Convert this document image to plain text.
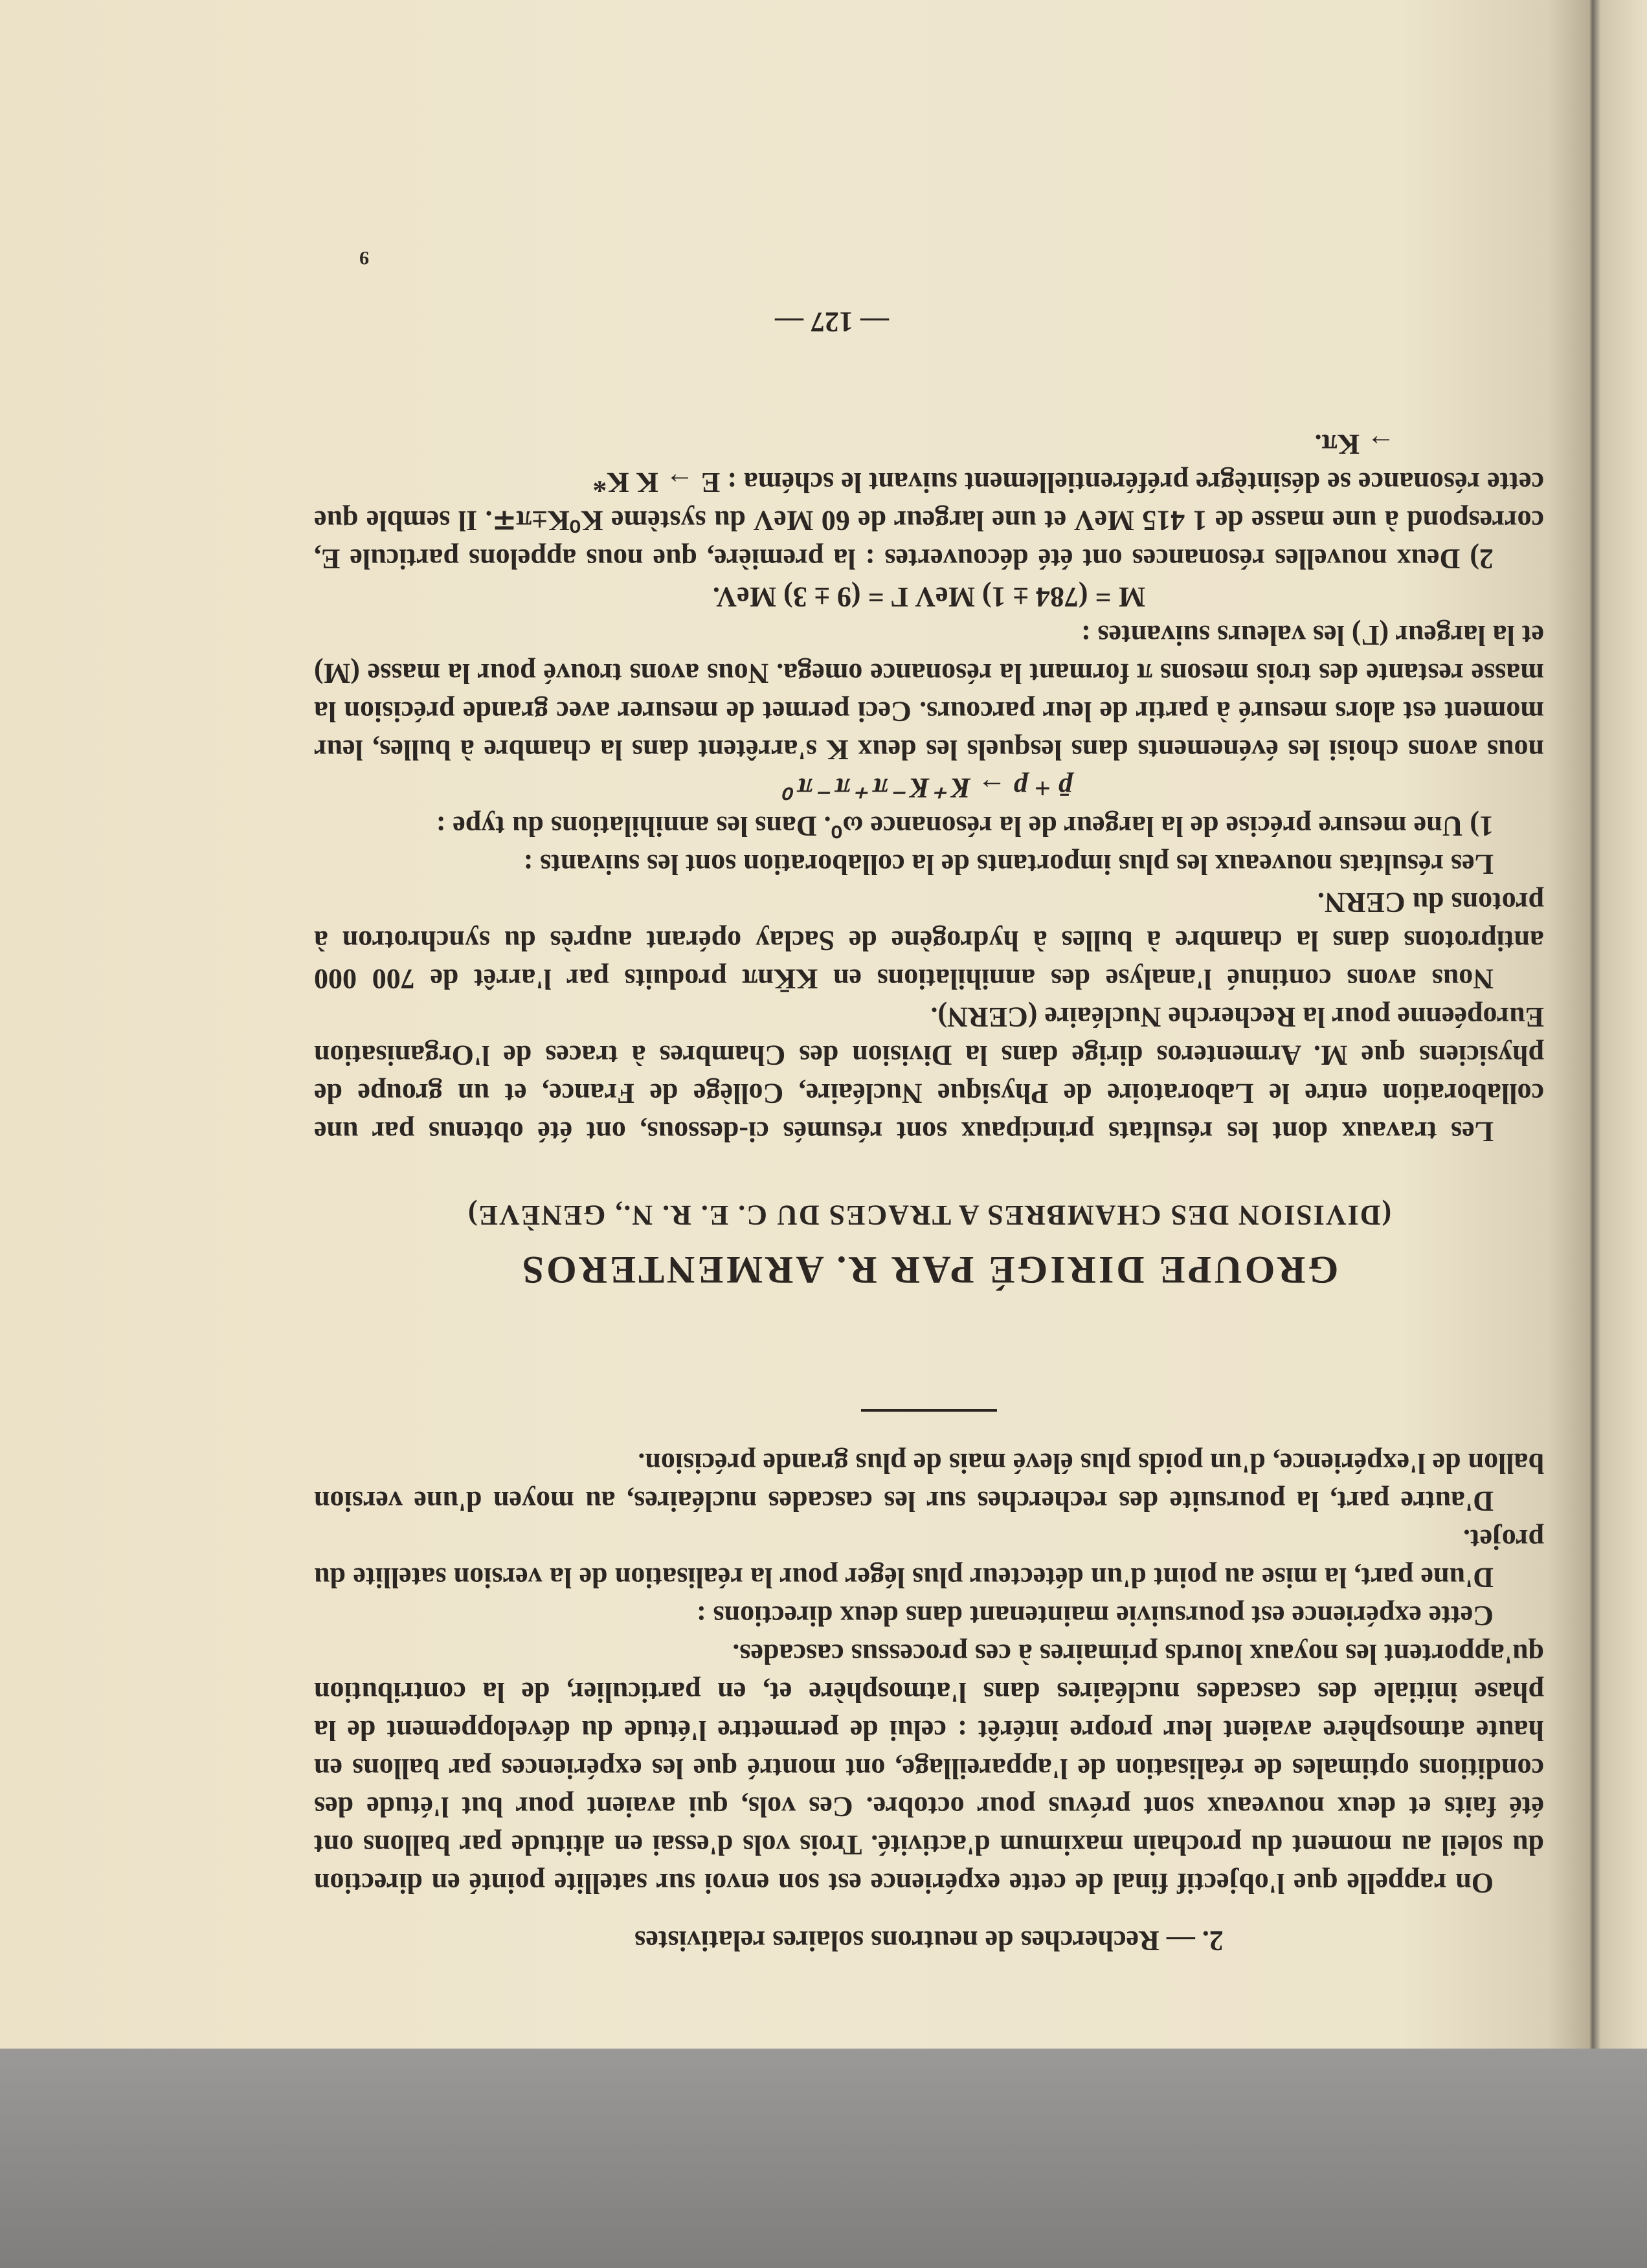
2. — Recherches de neutrons solaires relativistes

On rappelle que l'objectif final de cette expérience est son envoi sur satellite pointé en direction du soleil au moment du prochain maximum d'activité. Trois vols d'essai en altitude par ballons ont été faits et deux nouveaux sont prévus pour octobre. Ces vols, qui avaient pour but l'étude des conditions optimales de réalisation de l'appareillage, ont montré que les expériences par ballons en haute atmosphère avaient leur propre intérêt : celui de permettre l'étude du développement de la phase initiale des cascades nucléaires dans l'atmosphère et, en particulier, de la contribution qu'apportent les noyaux lourds primaires à ces processus cascades.

Cette expérience est poursuivie maintenant dans deux directions :

D'une part, la mise au point d'un détecteur plus léger pour la réalisation de la version satellite du projet.

D'autre part, la poursuite des recherches sur les cascades nucléaires, au moyen d'une version ballon de l'expérience, d'un poids plus élevé mais de plus grande précision.

GROUPE DIRIGÉ PAR R. ARMENTEROS
(DIVISION DES CHAMBRES A TRACES DU C. E. R. N., GENÈVE)

Les travaux dont les résultats principaux sont résumés ci-dessous, ont été obtenus par une collaboration entre le Laboratoire de Physique Nucléaire, Collège de France, et un groupe de physiciens que M. Armenteros dirige dans la Division des Chambres à traces de l'Organisation Européenne pour la Recherche Nucléaire (CERN).

Nous avons continué l'analyse des annihilations en KK̄nπ produits par l'arrêt de 700 000 antiprotons dans la chambre à bulles à hydrogène de Saclay opérant auprès du synchrotron à protons du CERN.

Les résultats nouveaux les plus importants de la collaboration sont les suivants :

1) Une mesure précise de la largeur de la résonance ω⁰. Dans les annihilations du type :

p̄ + p → K⁺ K⁻ π⁺ π⁻ π⁰

nous avons choisi les événements dans lesquels les deux K s'arrêtent dans la chambre à bulles, leur moment est alors mesuré à partir de leur parcours. Ceci permet de mesurer avec grande précision la masse restante des trois mesons π formant la résonance omega. Nous avons trouvé pour la masse (M) et la largeur (Γ) les valeurs suivantes :

M = (784 ± 1) MeV Γ = (9 ± 3) MeV.

2) Deux nouvelles résonances ont été découvertes : la première, que nous appelons particule E, correspond à une masse de 1 415 MeV et une largeur de 60 MeV du système K⁰K±π∓. Il semble que cette résonance se désintègre préférentiellement suivant le schéma : E → K K*

→ Kπ.
— 127 —
9
